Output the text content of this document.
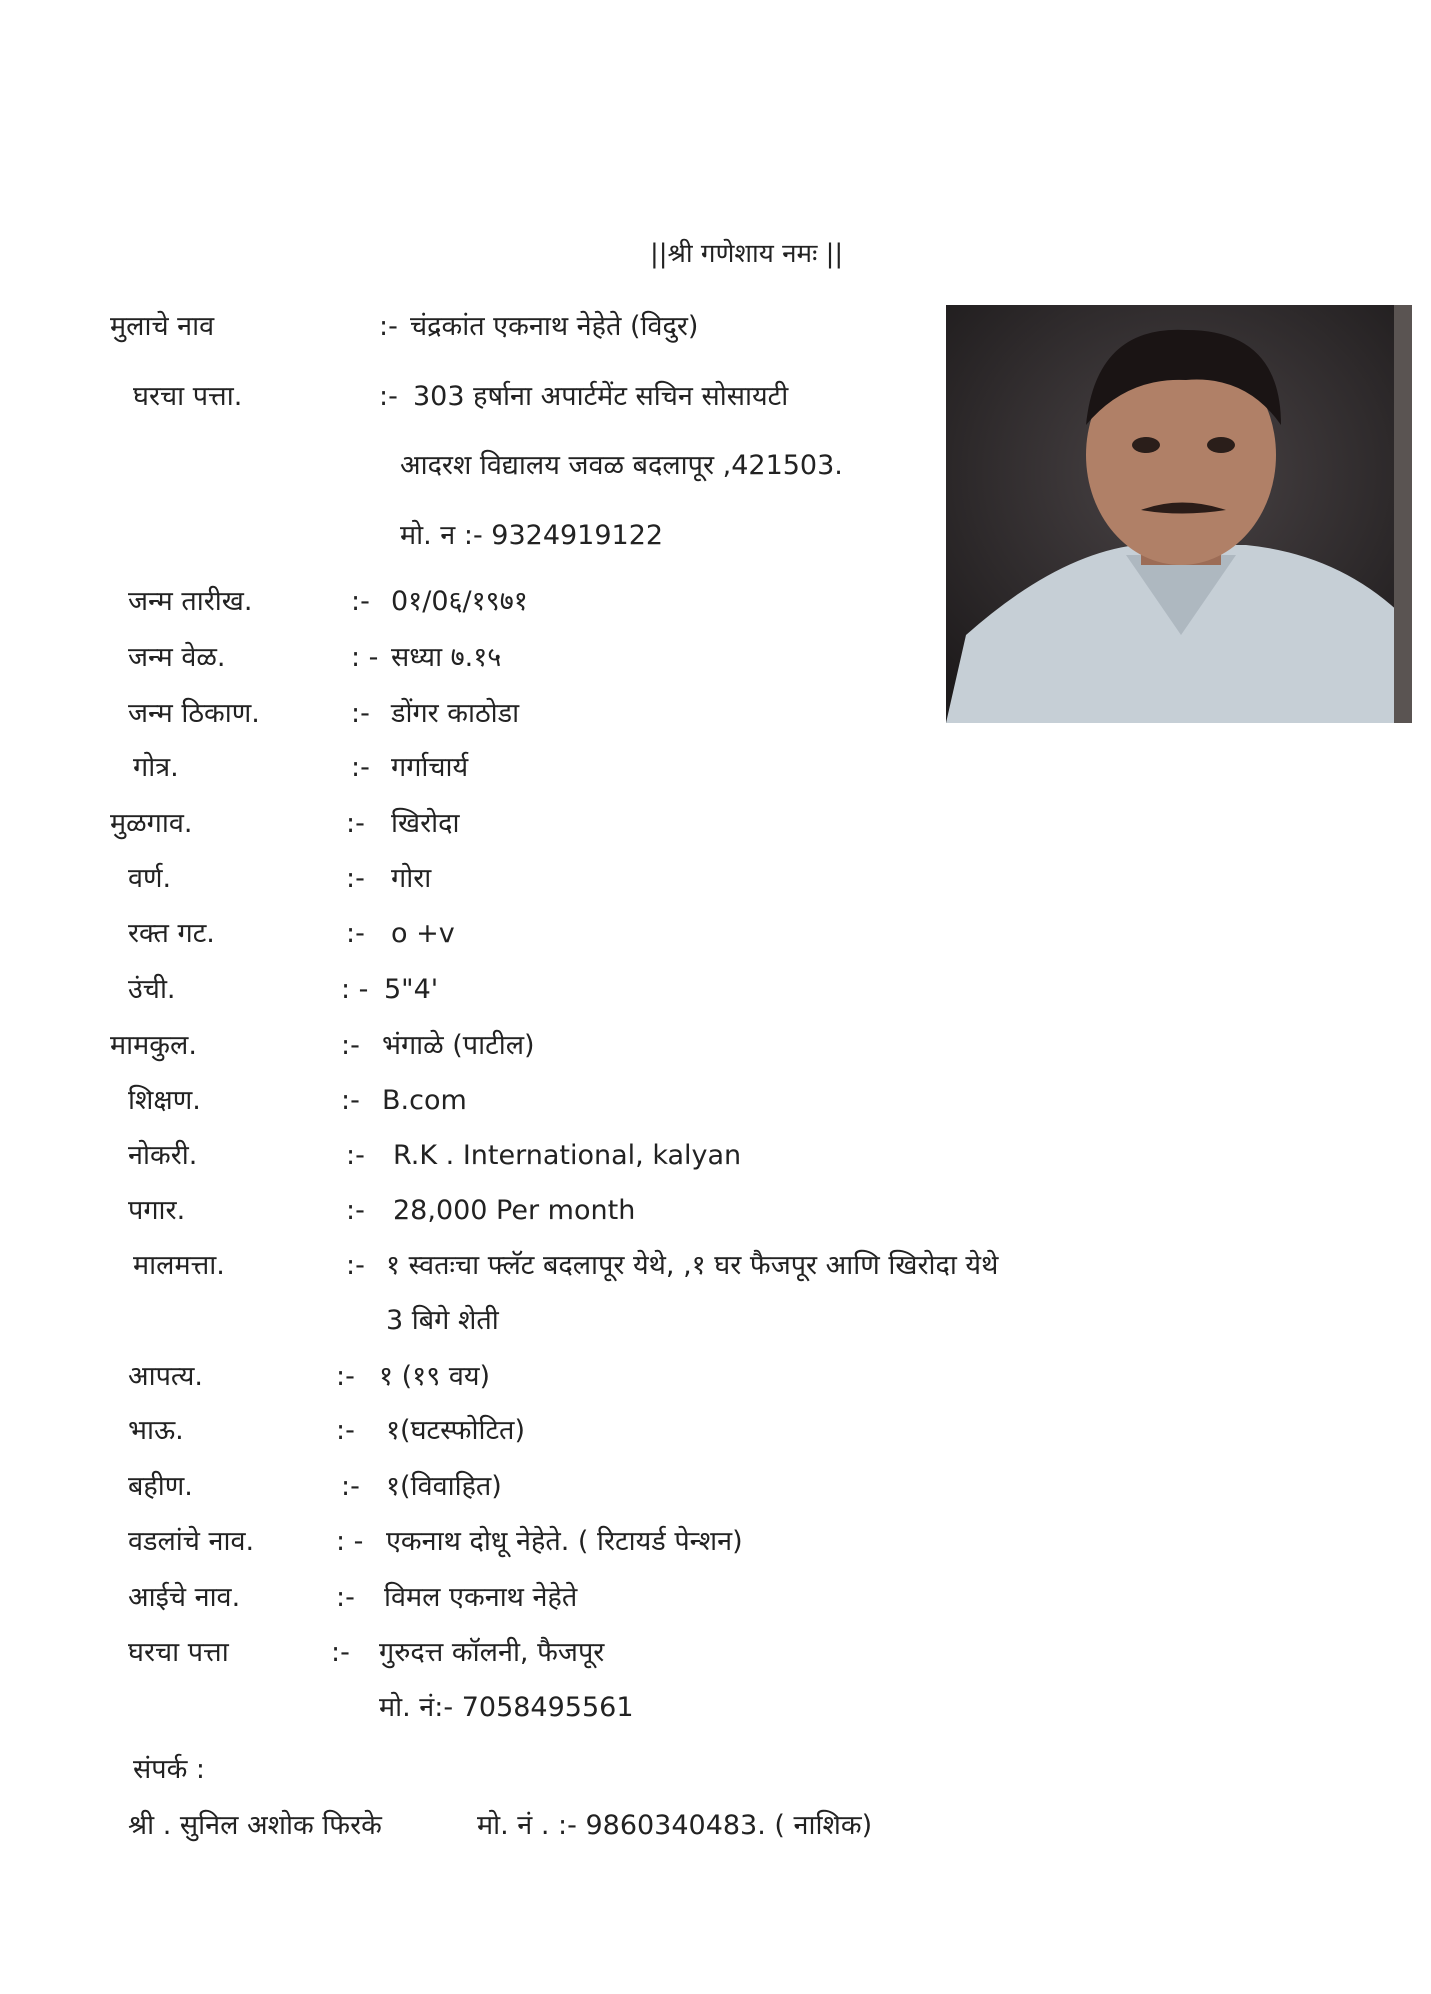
||श्री गणेशाय नमः ||
मुलाचे नाव	:- चंद्रकांत एकनाथ नेहेते (विदुर)
घरचा पत्ता.	:- 303 हर्षाना अपार्टमेंट सचिन सोसायटी
आदरश विद्यालय जवळ बदलापूर ,421503.
मो. न :- 9324919122
जन्म तारीख.	:- 0१/0६/१९७१
जन्म वेळ.	: - सध्या ७.१५
जन्म ठिकाण.	:- डोंगर काठोडा
गोत्र.	:- गर्गाचार्य
मुळगाव.	:- खिरोदा
वर्ण.	:- गोरा
रक्त गट.	:- o +v
उंची.	: - 5"4'
मामकुल.	:- भंगाळे (पाटील)
शिक्षण.	:- B.com
नोकरी.	:- R.K . International, kalyan
पगार.	:- 28,000 Per month
मालमत्ता.	:- १ स्वतःचा फ्लॅट बदलापूर येथे, ,१ घर फैजपूर आणि खिरोदा येथे
3 बिगे शेती
आपत्य.	:- १ (१९ वय)
भाऊ.	:- १(घटस्फोटित)
बहीण.	:- १(विवाहित)
वडलांचे नाव.	: - एकनाथ दोधू नेहेते. ( रिटायर्ड पेन्शन)
आईचे नाव.	:- विमल एकनाथ नेहेते
घरचा पत्ता	:- गुरुदत्त कॉलनी, फैजपूर
मो. नं:- 7058495561
संपर्क :
श्री . सुनिल अशोक फिरके	मो. नं . :- 9860340483. ( नाशिक)
